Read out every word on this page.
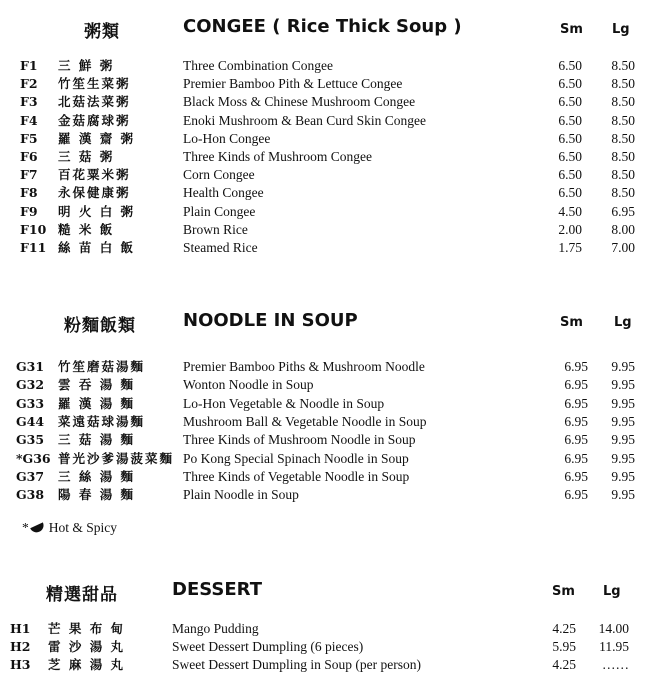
粥類	CONGEE ( Rice Thick Soup )	Sm Lg
F1 三 鮮 粥	Three Combination Congee	6.50 8.50
F2 竹笙生菜粥	Premier Bamboo Pith & Lettuce Congee	6.50 8.50
F3 北菇法菜粥	Black Moss & Chinese Mushroom Congee	6.50 8.50
F4 金菇腐球粥	Enoki Mushroom & Bean Curd Skin Congee	6.50 8.50
F5 羅 漢 齋 粥	Lo-Hon Congee	6.50 8.50
F6 三 菇 粥	Three Kinds of Mushroom Congee	6.50 8.50
F7 百花粟米粥	Corn Congee	6.50 8.50
F8 永保健康粥	Health Congee	6.50 8.50
F9 明 火 白 粥	Plain Congee	4.50 6.95
F10 糙 米 飯	Brown Rice	2.00 8.00
F11 絲 苗 白 飯	Steamed Rice	1.75 7.00
粉麵飯類	NOODLE IN SOUP	Sm Lg
G31 竹笙磨菇湯麵	Premier Bamboo Piths & Mushroom Noodle	6.95 9.95
G32 雲 吞 湯 麵	Wonton Noodle in Soup	6.95 9.95
G33 羅 漢 湯 麵	Lo-Hon Vegetable & Noodle in Soup	6.95 9.95
G44 菜遠菇球湯麵	Mushroom Ball & Vegetable Noodle in Soup	6.95 9.95
G35 三 菇 湯 麵	Three Kinds of Mushroom Noodle in Soup	6.95 9.95
*G36 普光沙爹湯菠菜麵 Po Kong Special Spinach Noodle in Soup	6.95 9.95
G37 三 絲 湯 麵	Three Kinds of Vegetable Noodle in Soup	6.95 9.95
G38 陽 春 湯 麵	Plain Noodle in Soup	6.95 9.95
* Hot & Spicy
精選甜品	DESSERT	Sm Lg
H1 芒 果 布 甸	Mango Pudding	4.25 14.00
H2 雷 沙 湯 丸	Sweet Dessert Dumpling (6 pieces)	5.95 11.95
H3 芝 麻 湯 丸	Sweet Dessert Dumpling in Soup (per person)	4.25 ……
